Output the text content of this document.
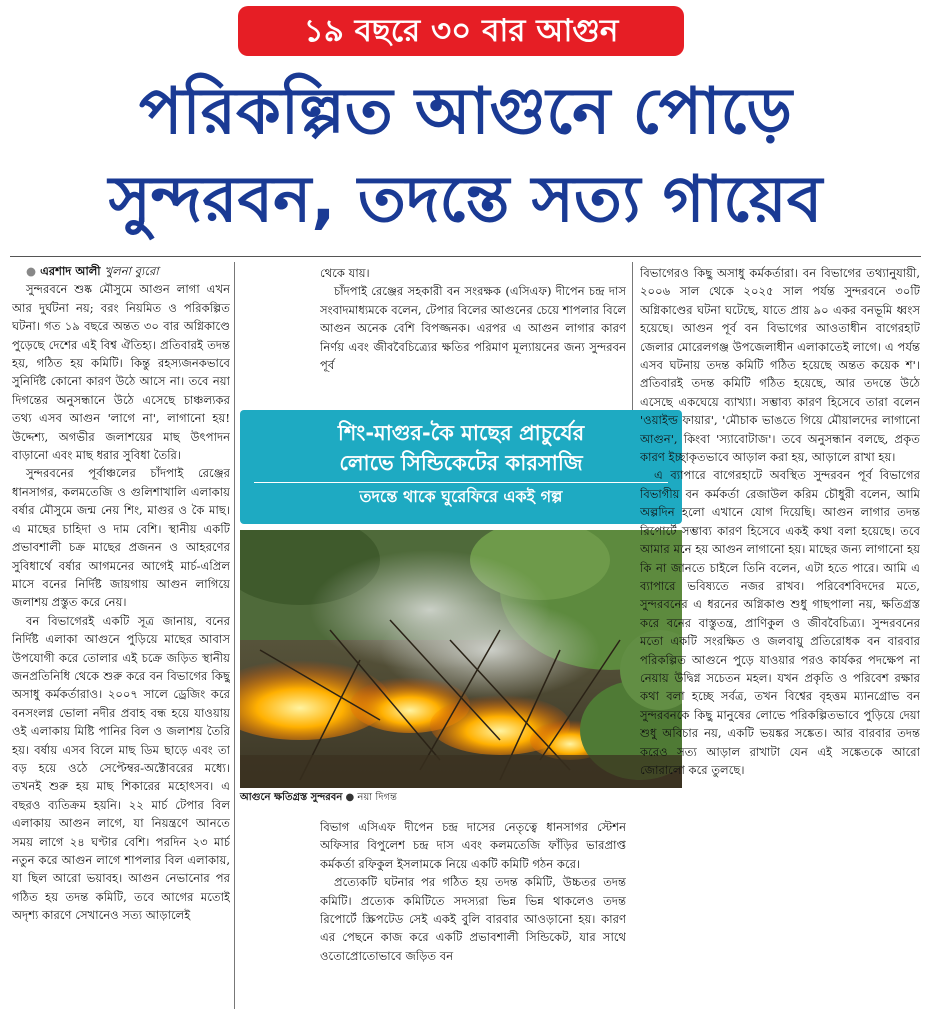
১৯ বছরে ৩০ বার আগুন
পরিকল্পিত আগুনে পোড়ে
সুন্দরবন, তদন্তে সত্য গায়েব

● এরশাদ আলী খুলনা ব্যুরো

সুন্দরবনে শুষ্ক মৌসুমে আগুন লাগা এখন আর দুর্ঘটনা নয়; বরং নিয়মিত ও পরিকল্পিত ঘটনা। গত ১৯ বছরে অন্তত ৩০ বার অগ্নিকাণ্ডে পুড়েছে দেশের এই বিশ্ব ঐতিহ্য। প্রতিবারই তদন্ত হয়, গঠিত হয় কমিটি। কিন্তু রহস্যজনকভাবে সুনির্দিষ্ট কোনো কারণ উঠে আসে না। তবে নয়া দিগন্তের অনুসন্ধানে উঠে এসেছে চাঞ্চল্যকর তথ্য এসব আগুন 'লাগে না', লাগানো হয়! উদ্দেশ্য, অগভীর জলাশয়ের মাছ উৎপাদন বাড়ানো এবং মাছ ধরার সুবিধা তৈরি।

সুন্দরবনের পূর্বাঞ্চলের চাঁদপাই রেঞ্জের ধানসাগর, কলমতেজি ও গুলিশাখালি এলাকায় বর্ষার মৌসুমে জন্ম নেয় শিং, মাগুর ও কৈ মাছ। এ মাছের চাহিদা ও দাম বেশি। স্থানীয় একটি প্রভাবশালী চক্র মাছের প্রজনন ও আহরণের সুবিধার্থে বর্ষার আগমনের আগেই মার্চ-এপ্রিল মাসে বনের নির্দিষ্ট জায়গায় আগুন লাগিয়ে জলাশয় প্রস্তুত করে নেয়।

বন বিভাগেরই একটি সূত্র জানায়, বনের নির্দিষ্ট এলাকা আগুনে পুড়িয়ে মাছের আবাস উপযোগী করে তোলার এই চক্রে জড়িত স্থানীয় জনপ্রতিনিধি থেকে শুরু করে বন বিভাগের কিছু অসাধু কর্মকর্তারাও। ২০০৭ সালে ড্রেজিং করে বনসংলগ্ন ভোলা নদীর প্রবাহ বন্ধ হয়ে যাওয়ায় ওই এলাকায় মিষ্টি পানির বিল ও জলাশয় তৈরি হয়। বর্ষায় এসব বিলে মাছ ডিম ছাড়ে এবং তা বড় হয়ে ওঠে সেপ্টেম্বর-অক্টোবরের মধ্যে। তখনই শুরু হয় মাছ শিকারের মহোৎসব। এ বছরও ব্যতিক্রম হয়নি। ২২ মার্চ টেপার বিল এলাকায় আগুন লাগে, যা নিয়ন্ত্রণে আনতে সময় লাগে ২৪ ঘণ্টার বেশি। পরদিন ২৩ মার্চ নতুন করে আগুন লাগে শাপলার বিল এলাকায়, যা ছিল আরো ভয়াবহ। আগুন নেভানোর পর গঠিত হয় তদন্ত কমিটি, তবে আগের মতোই অদৃশ্য কারণে সেখানেও সত্য আড়ালেই

থেকে যায়।

চাঁদপাই রেঞ্জের সহকারী বন সংরক্ষক (এসিএফ) দীপেন চন্দ্র দাস সংবাদমাধ্যমকে বলেন, টেপার বিলের আগুনের চেয়ে শাপলার বিলে আগুন অনেক বেশি বিপজ্জনক। এরপর এ আগুন লাগার কারণ নির্ণয় এবং জীববৈচিত্র্যের ক্ষতির পরিমাণ মূল্যায়নের জন্য সুন্দরবন পূর্ব

শিং-মাগুর-কৈ মাছের প্রাচুর্যের
লোভে সিন্ডিকেটের কারসাজি
তদন্তে থাকে ঘুরেফিরে একই গল্প
আগুনে ক্ষতিগ্রস্ত সুন্দরবন ● নয়া দিগন্ত

বিভাগ এসিএফ দীপেন চন্দ্র দাসের নেতৃত্বে ধানসাগর স্টেশন অফিসার বিপুলেশ চন্দ্র দাস এবং কলমতেজি ফাঁড়ির ভারপ্রাপ্ত কর্মকর্তা রফিকুল ইসলামকে নিয়ে একটি কমিটি গঠন করে।

প্রত্যেকটি ঘটনার পর গঠিত হয় তদন্ত কমিটি, উচ্চতর তদন্ত কমিটি। প্রত্যেক কমিটিতে সদস্যরা ভিন্ন ভিন্ন থাকলেও তদন্ত রিপোর্টে স্ক্রিপটেড সেই একই বুলি বারবার আওড়ানো হয়। কারণ এর পেছনে কাজ করে একটি প্রভাবশালী সিন্ডিকেট, যার সাথে ওতোপ্রোতোভাবে জড়িত বন

বিভাগেরও কিছু অসাধু কর্মকর্তারা। বন বিভাগের তথ্যানুযায়ী, ২০০৬ সাল থেকে ২০২৫ সাল পর্যন্ত সুন্দরবনে ৩০টি অগ্নিকাণ্ডের ঘটনা ঘটেছে, যাতে প্রায় ৯০ একর বনভূমি ধ্বংস হয়েছে। আগুন পূর্ব বন বিভাগের আওতাধীন বাগেরহাট জেলার মোরেলগঞ্জ উপজেলাধীন এলাকাতেই লাগে। এ পর্যন্ত এসব ঘটনায় তদন্ত কমিটি গঠিত হয়েছে অন্তত কয়েক শ'। প্রতিবারই তদন্ত কমিটি গঠিত হয়েছে, আর তদন্তে উঠে এসেছে একঘেয়ে ব্যাখ্যা। সম্ভাব্য কারণ হিসেবে তারা বলেন 'ওয়াইল্ড ফায়ার', 'মৌচাক ভাঙতে গিয়ে মৌয়ালদের লাগানো আগুন', কিংবা 'স্যাবোটাজ'। তবে অনুসন্ধান বলছে, প্রকৃত কারণ ইচ্ছাকৃতভাবে আড়াল করা হয়, আড়ালে রাখা হয়।

এ ব্যাপারে বাগেরহাটে অবস্থিত সুন্দরবন পূর্ব বিভাগের বিভাগীয় বন কর্মকর্তা রেজাউল করিম চৌধুরী বলেন, আমি অল্পদিন হলো এখানে যোগ দিয়েছি। আগুন লাগার তদন্ত রিপোর্টে সম্ভাব্য কারণ হিসেবে একই কথা বলা হয়েছে। তবে আমার মনে হয় আগুন লাগানো হয়। মাছের জন্য লাগানো হয় কি না জানতে চাইলে তিনি বলেন, এটা হতে পারে। আমি এ ব্যাপারে ভবিষ্যতে নজর রাখব। পরিবেশবিদদের মতে, সুন্দরবনের এ ধরনের অগ্নিকাণ্ড শুধু গাছপালা নয়, ক্ষতিগ্রস্ত করে বনের বাস্তুতন্ত্র, প্রাণিকুল ও জীববৈচিত্র্য। সুন্দরবনের মতো একটি সংরক্ষিত ও জলবায়ু প্রতিরোধক বন বারবার পরিকল্পিত আগুনে পুড়ে যাওয়ার পরও কার্যকর পদক্ষেপ না নেয়ায় উদ্বিগ্ন সচেতন মহল। যখন প্রকৃতি ও পরিবেশ রক্ষার কথা বলা হচ্ছে সর্বত্র, তখন বিশ্বের বৃহত্তম ম্যানগ্রোভ বন সুন্দরবনকে কিছু মানুষের লোভে পরিকল্পিতভাবে পুড়িয়ে দেয়া শুধু অবিচার নয়, একটি ভয়ঙ্কর সঙ্কেত। আর বারবার তদন্ত করেও সত্য আড়াল রাখাটা যেন এই সঙ্কেতকে আরো জোরালো করে তুলছে।
